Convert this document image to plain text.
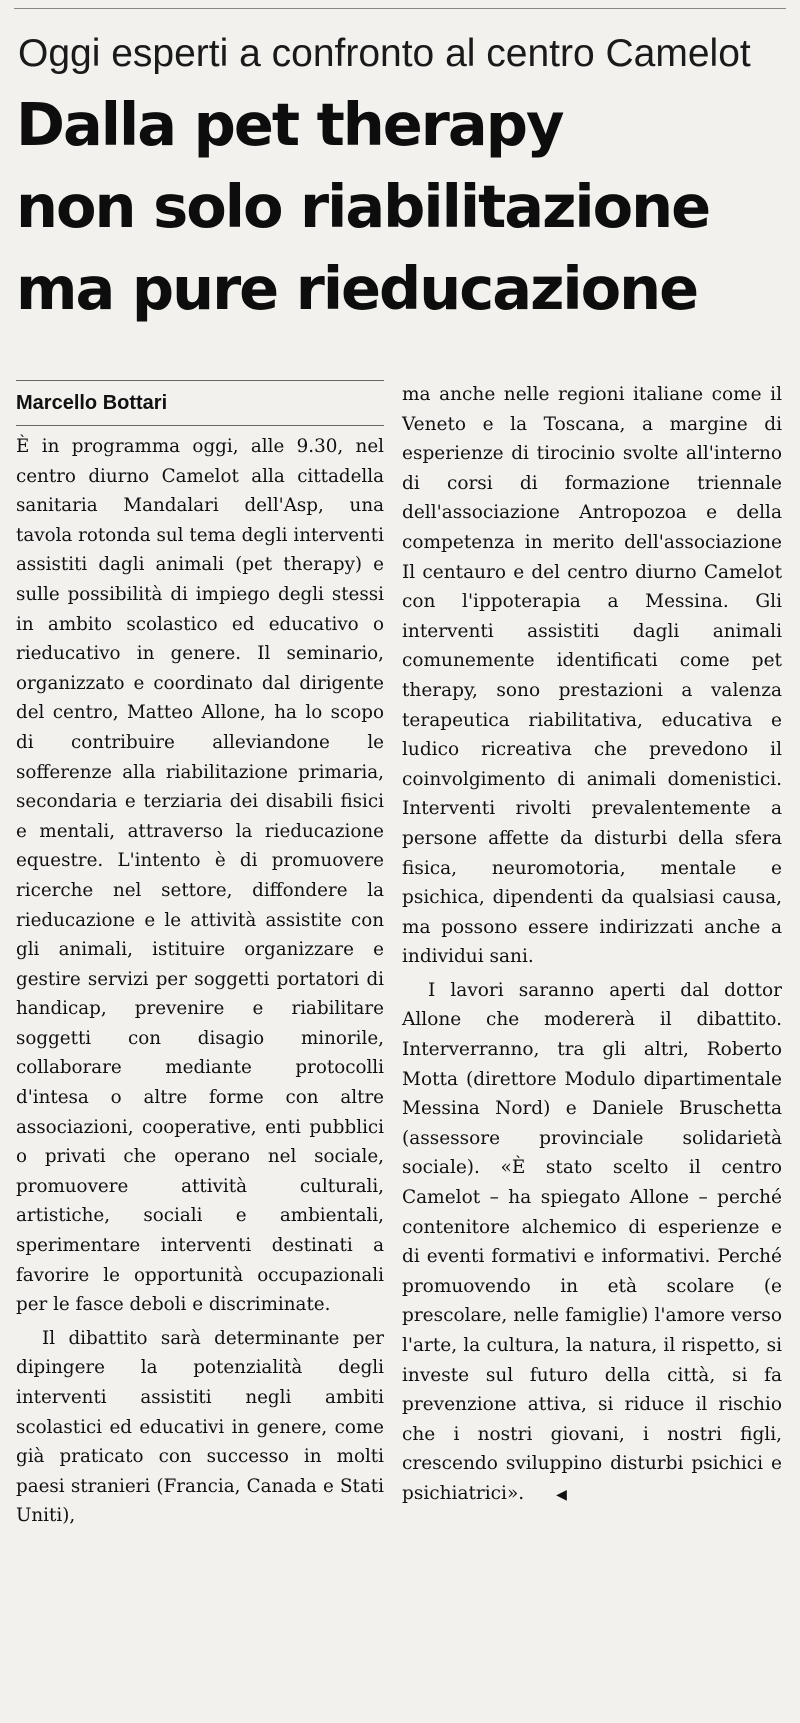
Oggi esperti a confronto al centro Camelot
Dalla pet therapy
non solo riabilitazione
ma pure rieducazione
Marcello Bottari

È in programma oggi, alle 9.30, nel centro diurno Camelot alla cittadella sanitaria Mandalari dell'Asp, una tavola rotonda sul tema degli interventi assistiti dagli animali (pet therapy) e sulle possibilità di impiego degli stessi in ambito scolastico ed educativo o rieducativo in genere. Il seminario, organizzato e coordinato dal dirigente del centro, Matteo Allone, ha lo scopo di contribuire alleviandone le sofferenze alla riabilitazione primaria, secondaria e terziaria dei disabili fisici e mentali, attraverso la rieducazione equestre. L'intento è di promuovere ricerche nel settore, diffondere la rieducazione e le attività assistite con gli animali, istituire organizzare e gestire servizi per soggetti portatori di handicap, prevenire e riabilitare soggetti con disagio minorile, collaborare mediante protocolli d'intesa o altre forme con altre associazioni, cooperative, enti pubblici o privati che operano nel sociale, promuovere attività culturali, artistiche, sociali e ambientali, sperimentare interventi destinati a favorire le opportunità occupazionali per le fasce deboli e discriminate.

Il dibattito sarà determinante per dipingere la potenzialità degli interventi assistiti negli ambiti scolastici ed educativi in genere, come già praticato con successo in molti paesi stranieri (Francia, Canada e Stati Uniti),

ma anche nelle regioni italiane come il Veneto e la Toscana, a margine di esperienze di tirocinio svolte all'interno di corsi di formazione triennale dell'associazione Antropozoa e della competenza in merito dell'associazione Il centauro e del centro diurno Camelot con l'ippoterapia a Messina. Gli interventi assistiti dagli animali comunemente identificati come pet therapy, sono prestazioni a valenza terapeutica riabilitativa, educativa e ludico ricreativa che prevedono il coinvolgimento di animali domenistici. Interventi rivolti prevalentemente a persone affette da disturbi della sfera fisica, neuromotoria, mentale e psichica, dipendenti da qualsiasi causa, ma possono essere indirizzati anche a individui sani.

I lavori saranno aperti dal dottor Allone che modererà il dibattito. Interverranno, tra gli altri, Roberto Motta (direttore Modulo dipartimentale Messina Nord) e Daniele Bruschetta (assessore provinciale solidarietà sociale). «È stato scelto il centro Camelot – ha spiegato Allone – perché contenitore alchemico di esperienze e di eventi formativi e informativi. Perché promuovendo in età scolare (e prescolare, nelle famiglie) l'amore verso l'arte, la cultura, la natura, il rispetto, si investe sul futuro della città, si fa prevenzione attiva, si riduce il rischio che i nostri giovani, i nostri figli, crescendo sviluppino disturbi psichici e psichiatrici». ◀
